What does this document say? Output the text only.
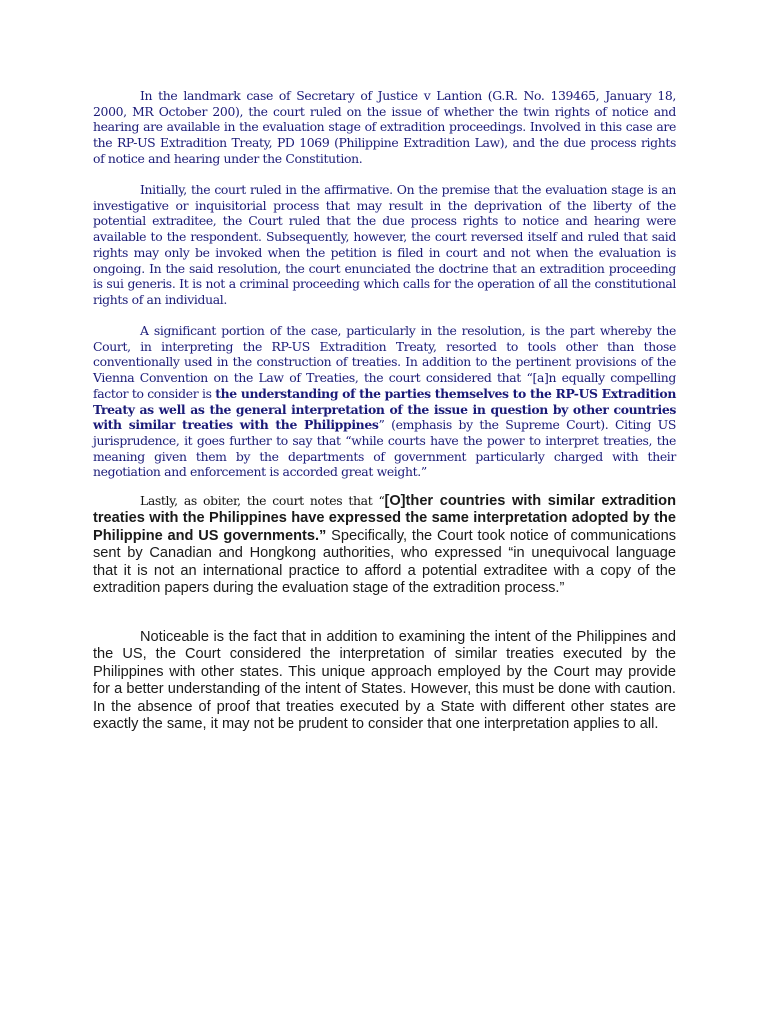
In the landmark case of Secretary of Justice v Lantion (G.R. No. 139465, January 18, 2000, MR October 200), the court ruled on the issue of whether the twin rights of notice and hearing are available in the evaluation stage of extradition proceedings. Involved in this case are the RP-US Extradition Treaty, PD 1069 (Philippine Extradition Law), and the due process rights of notice and hearing under the Constitution.

Initially, the court ruled in the affirmative. On the premise that the evaluation stage is an investigative or inquisitorial process that may result in the deprivation of the liberty of the potential extraditee, the Court ruled that the due process rights to notice and hearing were available to the respondent. Subsequently, however, the court reversed itself and ruled that said rights may only be invoked when the petition is filed in court and not when the evaluation is ongoing. In the said resolution, the court enunciated the doctrine that an extradition proceeding is sui generis. It is not a criminal proceeding which calls for the operation of all the constitutional rights of an individual.

A significant portion of the case, particularly in the resolution, is the part whereby the Court, in interpreting the RP-US Extradition Treaty, resorted to tools other than those conventionally used in the construction of treaties. In addition to the pertinent provisions of the Vienna Convention on the Law of Treaties, the court considered that “[a]n equally compelling factor to consider is the understanding of the parties themselves to the RP-US Extradition Treaty as well as the general interpretation of the issue in question by other countries with similar treaties with the Philippines” (emphasis by the Supreme Court). Citing US jurisprudence, it goes further to say that “while courts have the power to interpret treaties, the meaning given them by the departments of government particularly charged with their negotiation and enforcement is accorded great weight.”

Lastly, as obiter, the court notes that “[O]ther countries with similar extradition treaties with the Philippines have expressed the same interpretation adopted by the Philippine and US governments.” Specifically, the Court took notice of communications sent by Canadian and Hongkong authorities, who expressed “in unequivocal language that it is not an international practice to afford a potential extraditee with a copy of the extradition papers during the evaluation stage of the extradition process.”

Noticeable is the fact that in addition to examining the intent of the Philippines and the US, the Court considered the interpretation of similar treaties executed by the Philippines with other states. This unique approach employed by the Court may provide for a better understanding of the intent of States. However, this must be done with caution. In the absence of proof that treaties executed by a State with different other states are exactly the same, it may not be prudent to consider that one interpretation applies to all.
